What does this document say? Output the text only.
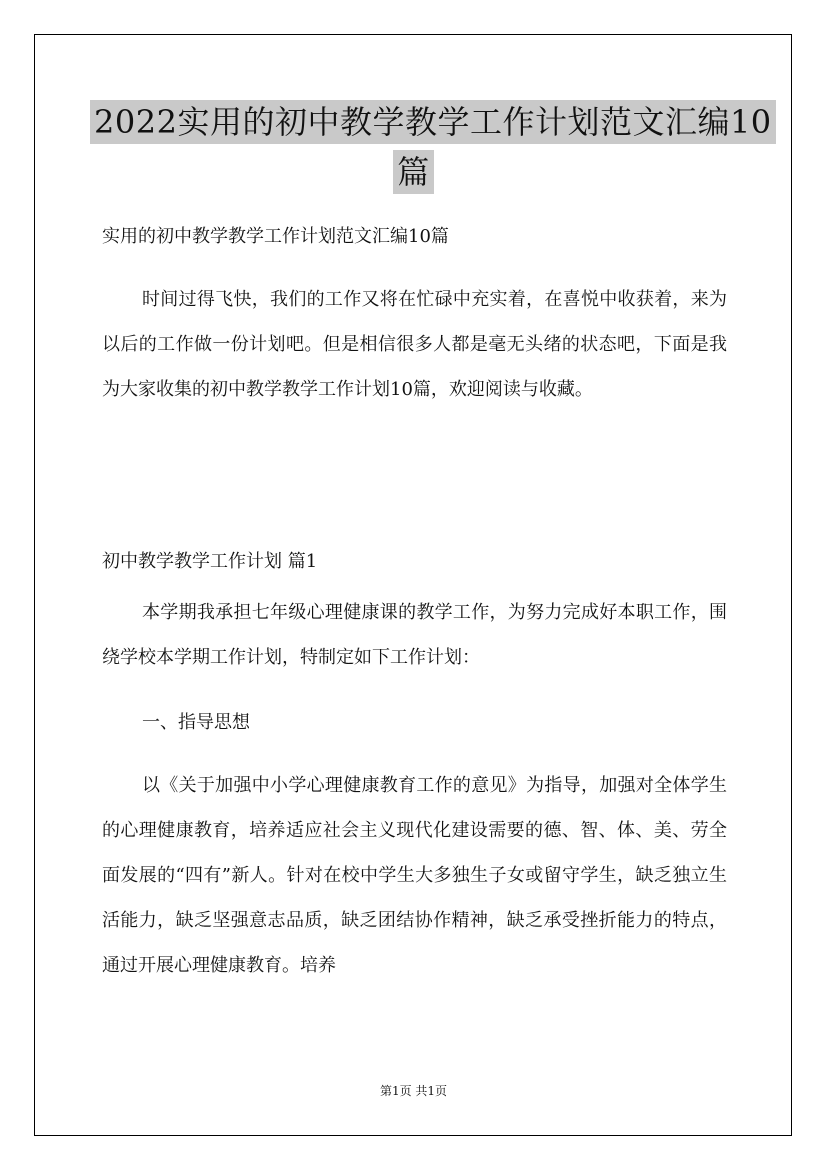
2022实用的初中教学教学工作计划范文汇编10
篇
实用的初中教学教学工作计划范文汇编10篇

时间过得飞快，我们的工作又将在忙碌中充实着，在喜悦中收获着，来为以后的工作做一份计划吧。但是相信很多人都是毫无头绪的状态吧，下面是我为大家收集的初中教学教学工作计划10篇，欢迎阅读与收藏。

初中教学教学工作计划 篇1

本学期我承担七年级心理健康课的教学工作，为努力完成好本职工作，围绕学校本学期工作计划，特制定如下工作计划：

一、指导思想

以《关于加强中小学心理健康教育工作的意见》为指导，加强对全体学生的心理健康教育，培养适应社会主义现代化建设需要的德、智、体、美、劳全面发展的“四有”新人。针对在校中学生大多独生子女或留守学生，缺乏独立生活能力，缺乏坚强意志品质，缺乏团结协作精神，缺乏承受挫折能力的特点，通过开展心理健康教育。培养

第1页 共1页
